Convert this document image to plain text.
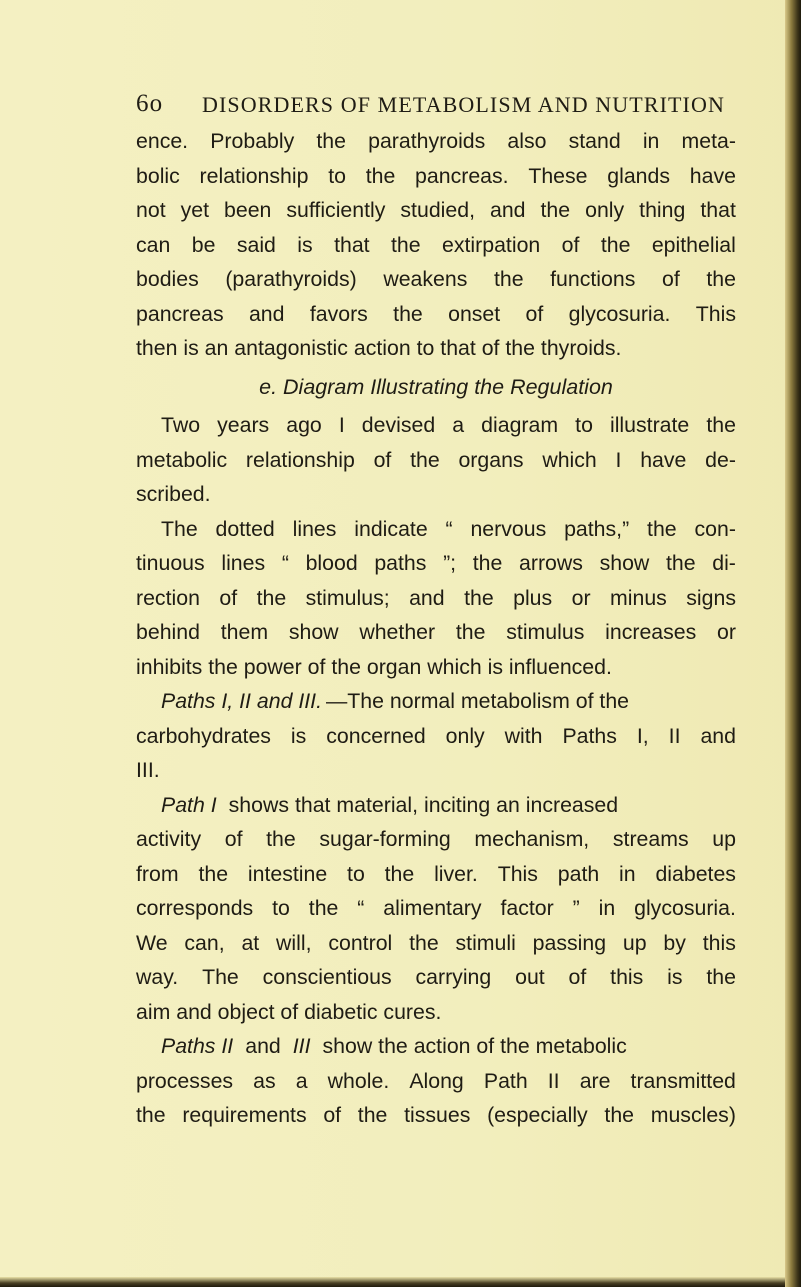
6o DISORDERS OF METABOLISM AND NUTRITION
ence. Probably the parathyroids also stand in meta-
bolic relationship to the pancreas. These glands have
not yet been sufficiently studied, and the only thing that
can be said is that the extirpation of the epithelial
bodies (parathyroids) weakens the functions of the
pancreas and favors the onset of glycosuria. This
then is an antagonistic action to that of the thyroids.
e. Diagram Illustrating the Regulation
Two years ago I devised a diagram to illustrate the
metabolic relationship of the organs which I have de-
scribed.
The dotted lines indicate “ nervous paths,” the con-
tinuous lines “ blood paths ”; the arrows show the di-
rection of the stimulus; and the plus or minus signs
behind them show whether the stimulus increases or
inhibits the power of the organ which is influenced.
Paths I, II and III. —The normal metabolism of the
carbohydrates is concerned only with Paths I, II and
III.
Path I shows that material, inciting an increased
activity of the sugar-forming mechanism, streams up
from the intestine to the liver. This path in diabetes
corresponds to the “ alimentary factor ” in glycosuria.
We can, at will, control the stimuli passing up by this
way. The conscientious carrying out of this is the
aim and object of diabetic cures.
Paths II and III show the action of the metabolic
processes as a whole. Along Path II are transmitted
the requirements of the tissues (especially the muscles)
